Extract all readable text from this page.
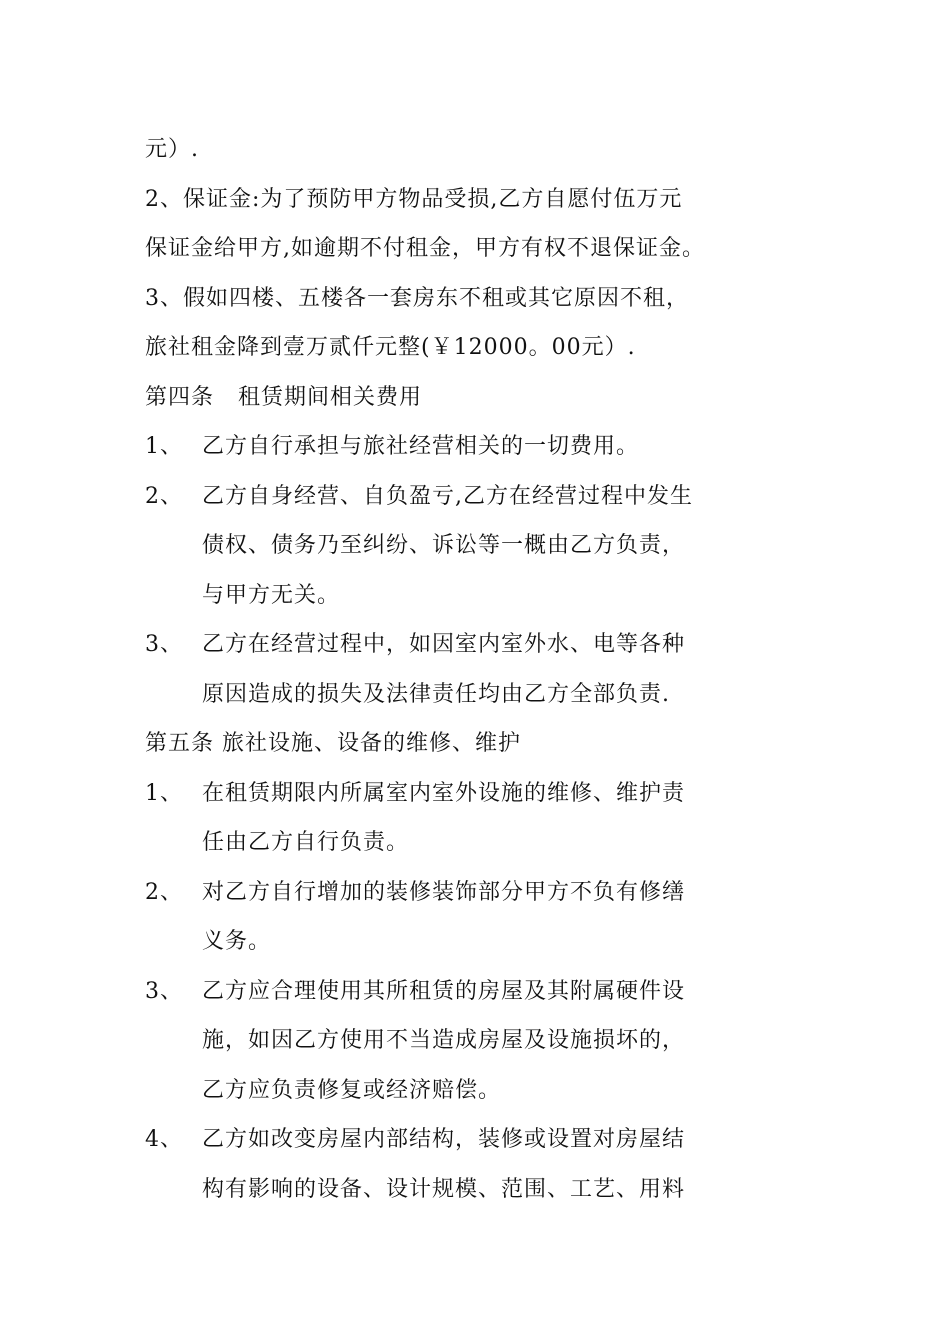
元）.
2、保证金:为了预防甲方物品受损,乙方自愿付伍万元
保证金给甲方,如逾期不付租金，甲方有权不退保证金。
3、假如四楼、五楼各一套房东不租或其它原因不租，
旅社租金降到壹万贰仟元整(￥12000。00元）.
第四条   租赁期间相关费用
1、 乙方自行承担与旅社经营相关的一切费用。
2、 乙方自身经营、自负盈亏,乙方在经营过程中发生
债权、债务乃至纠纷、诉讼等一概由乙方负责，
与甲方无关。
3、 乙方在经营过程中，如因室内室外水、电等各种
原因造成的损失及法律责任均由乙方全部负责.
第五条 旅社设施、设备的维修、维护
1、 在租赁期限内所属室内室外设施的维修、维护责
任由乙方自行负责。
2、 对乙方自行增加的装修装饰部分甲方不负有修缮
义务。
3、 乙方应合理使用其所租赁的房屋及其附属硬件设
施，如因乙方使用不当造成房屋及设施损坏的，
乙方应负责修复或经济赔偿。
4、 乙方如改变房屋内部结构，装修或设置对房屋结
构有影响的设备、设计规模、范围、工艺、用料
